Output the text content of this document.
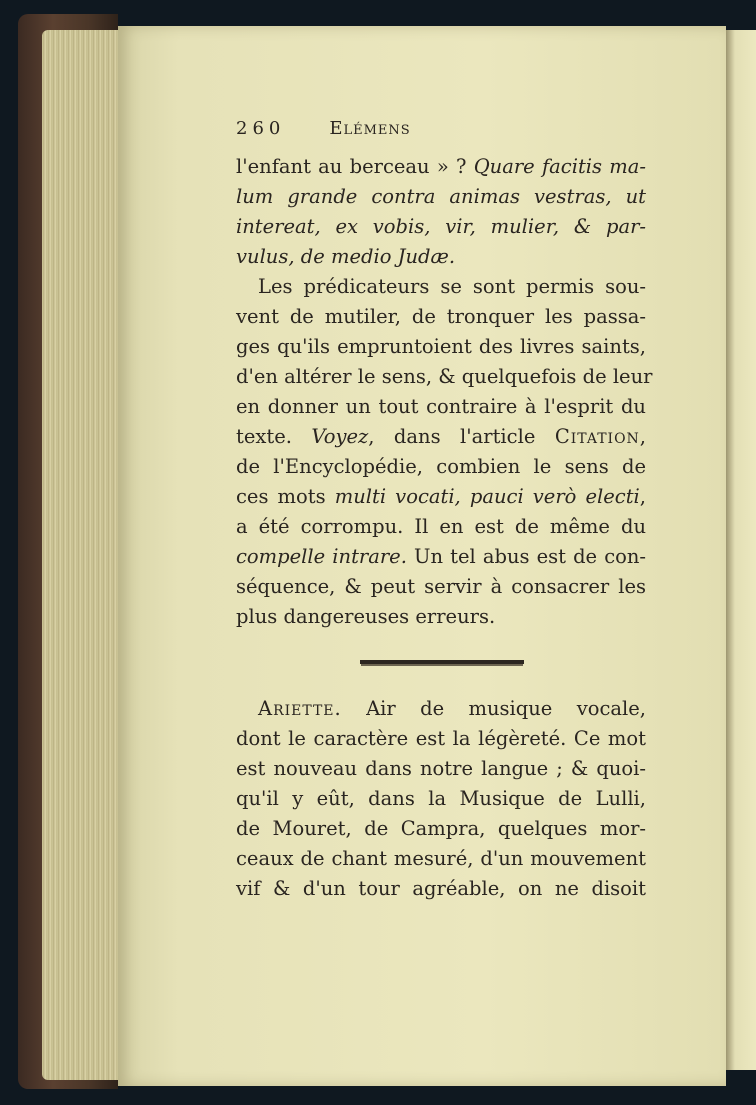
260 Elémens
l'enfant au berceau » ? Quare facitis ma-
lum grande contra animas vestras, ut
intereat, ex vobis, vir, mulier, & par-
vulus, de medio Judæ.
Les prédicateurs se sont permis sou-
vent de mutiler, de tronquer les passa-
ges qu'ils empruntoient des livres saints,
d'en altérer le sens, & quelquefois de leur
en donner un tout contraire à l'esprit du
texte. Voyez, dans l'article Citation,
de l'Encyclopédie, combien le sens de
ces mots multi vocati, pauci verò electi,
a été corrompu. Il en est de même du
compelle intrare. Un tel abus est de con-
séquence, & peut servir à consacrer les
plus dangereuses erreurs.
Ariette. Air de musique vocale,
dont le caractère est la légèreté. Ce mot
est nouveau dans notre langue ; & quoi-
qu'il y eût, dans la Musique de Lulli,
de Mouret, de Campra, quelques mor-
ceaux de chant mesuré, d'un mouvement
vif & d'un tour agréable, on ne disoit
